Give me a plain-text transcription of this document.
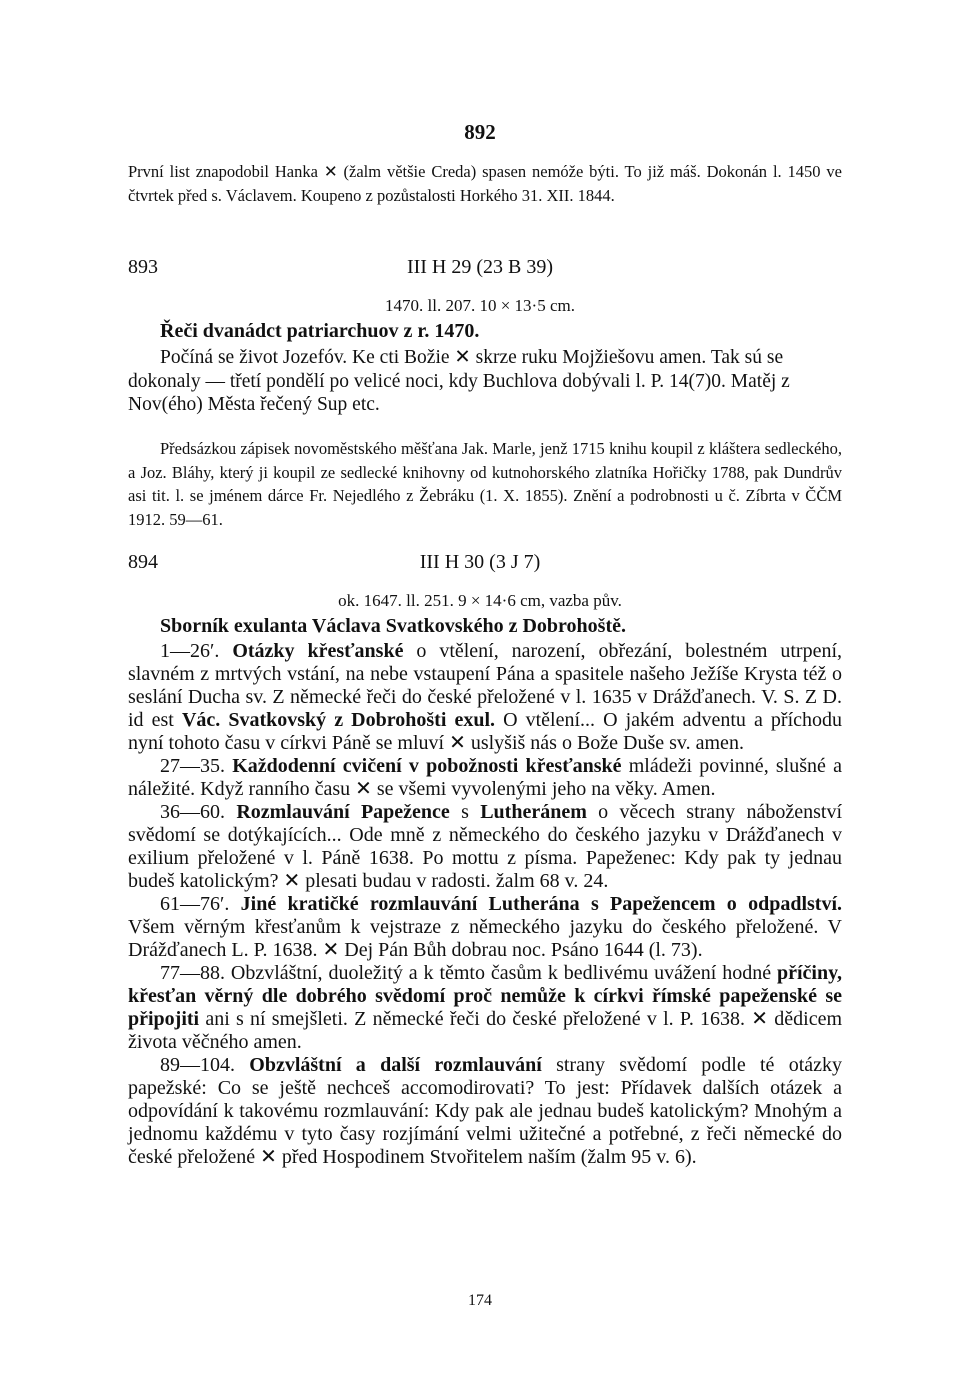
892

První list znapodobil Hanka ✕ (žalm většie Creda) spasen nemóže býti. To již máš. Dokonán l. 1450 ve čtvrtek před s. Václavem. Koupeno z pozůstalosti Horkého 31. XII. 1844.

893	III H 29 (23 B 39)
1470. ll. 207. 10 × 13·5 cm.
Řeči dvanádct patriarchuov z r. 1470.

Počíná se život Jozefóv. Ke cti Božie ✕ skrze ruku Mojžiešovu amen. Tak sú se dokonaly — třetí pondělí po velicé noci, kdy Buchlova dobývali l. P. 14(7)0. Matěj z Nov(ého) Města řečený Sup etc.

Předsázkou zápisek novoměstského měšťana Jak. Marle, jenž 1715 knihu koupil z kláštera sedleckého, a Joz. Bláhy, který ji koupil ze sedlecké knihovny od kutnohorského zlatníka Hořičky 1788, pak Dundrův asi tit. l. se jménem dárce Fr. Nejedlého z Žebráku (1. X. 1855). Znění a podrobnosti u č. Zíbrta v ČČM 1912. 59—61.

894	III H 30 (3 J 7)
ok. 1647. ll. 251. 9 × 14·6 cm, vazba pův.
Sborník exulanta Václava Svatkovského z Dobrohoště.

1—26′. Otázky křesťanské o vtělení, narození, obřezání, bolestném utrpení, slavném z mrtvých vstání, na nebe vstaupení Pána a spasitele našeho Ježíše Krysta též o seslání Ducha sv. Z německé řeči do české přeložené v l. 1635 v Drážďanech. V. S. Z D. id est Vác. Svatkovský z Dobrohošti exul. O vtělení... O jakém adventu a příchodu nyní tohoto času v církvi Páně se mluví ✕ uslyšiš nás o Bože Duše sv. amen.

27—35. Každodenní cvičení v pobožnosti křesťanské mládeži povinné, slušné a náležité. Když ranního času ✕ se všemi vyvolenými jeho na věky. Amen.

36—60. Rozmlauvání Papežence s Lutheránem o věcech strany náboženství svědomí se dotýkajících... Ode mně z německého do českého jazyku v Drážďanech v exilium přeložené v l. Páně 1638. Po mottu z písma. Papeženec: Kdy pak ty jednau budeš katolickým? ✕ plesati budau v radosti. žalm 68 v. 24.

61—76′. Jiné kratičké rozmlauvání Lutherána s Papežencem o odpadlství. Všem věrným křesťanům k vejstraze z německého jazyku do českého přeložené. V Drážďanech L. P. 1638. ✕ Dej Pán Bůh dobrau noc. Psáno 1644 (l. 73).

77—88. Obzvláštní, duoležitý a k těmto časům k bedlivému uvážení hodné příčiny, křesťan věrný dle dobrého svědomí proč nemůže k církvi římské papeženské se připojiti ani s ní smejšleti. Z německé řeči do české přeložené v l. P. 1638. ✕ dědicem života věčného amen.

89—104. Obzvláštní a další rozmlauvání strany svědomí podle té otázky papežské: Co se ještě nechceš accomodirovati? To jest: Přídavek dalších otázek a odpovídání k takovému rozmlauvání: Kdy pak ale jednau budeš katolickým? Mnohým a jednomu každému v tyto časy rozjímání velmi užitečné a potřebné, z řeči německé do české přeložené ✕ před Hospodinem Stvořitelem naším (žalm 95 v. 6).

174
